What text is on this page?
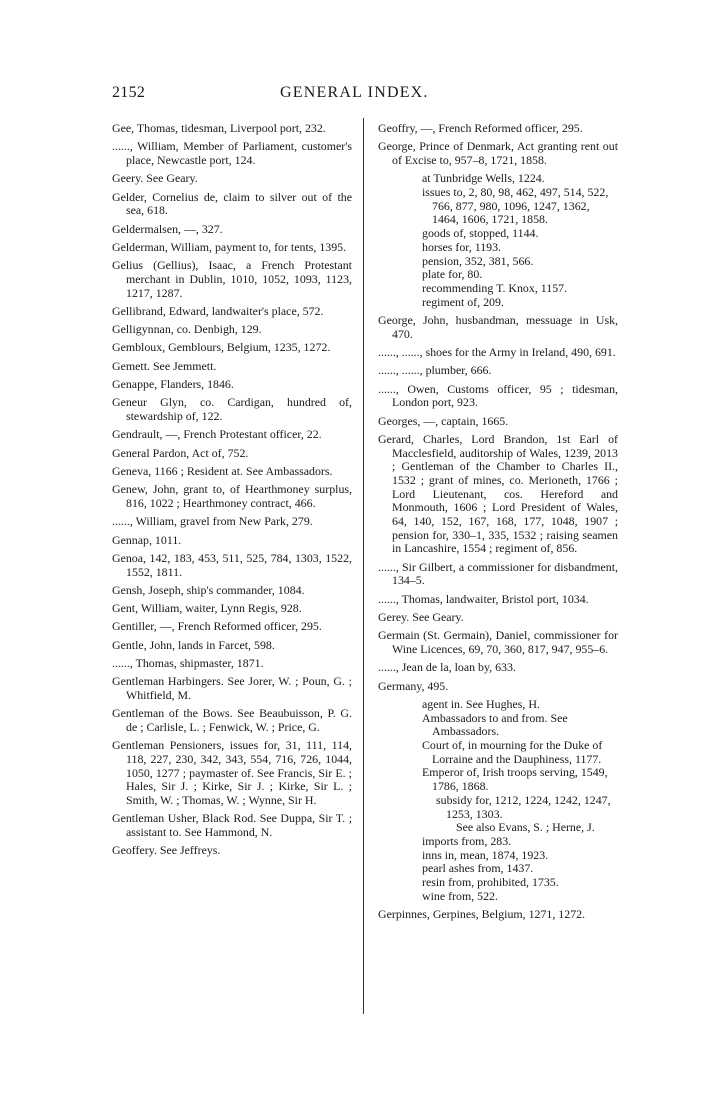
2152	GENERAL INDEX.

Gee, Thomas, tidesman, Liverpool port, 232.

......, William, Member of Parliament, customer's place, Newcastle port, 124.

Geery. See Geary.

Gelder, Cornelius de, claim to silver out of the sea, 618.

Geldermalsen, —, 327.

Gelderman, William, payment to, for tents, 1395.

Gelius (Gellius), Isaac, a French Protestant merchant in Dublin, 1010, 1052, 1093, 1123, 1217, 1287.

Gellibrand, Edward, landwaiter's place, 572.

Gelligynnan, co. Denbigh, 129.

Gembloux, Gemblours, Belgium, 1235, 1272.

Gemett. See Jemmett.

Genappe, Flanders, 1846.

Geneur Glyn, co. Cardigan, hundred of, stewardship of, 122.

Gendrault, —, French Protestant officer, 22.

General Pardon, Act of, 752.

Geneva, 1166 ; Resident at. See Ambassadors.

Genew, John, grant to, of Hearthmoney surplus, 816, 1022 ; Hearthmoney contract, 466.

......, William, gravel from New Park, 279.

Gennap, 1011.

Genoa, 142, 183, 453, 511, 525, 784, 1303, 1522, 1552, 1811.

Gensh, Joseph, ship's commander, 1084.

Gent, William, waiter, Lynn Regis, 928.

Gentiller, —, French Reformed officer, 295.

Gentle, John, lands in Farcet, 598.

......, Thomas, shipmaster, 1871.

Gentleman Harbingers. See Jorer, W. ; Poun, G. ; Whitfield, M.

Gentleman of the Bows. See Beaubuisson, P. G. de ; Carlisle, L. ; Fenwick, W. ; Price, G.

Gentleman Pensioners, issues for, 31, 111, 114, 118, 227, 230, 342, 343, 554, 716, 726, 1044, 1050, 1277 ; paymaster of. See Francis, Sir E. ; Hales, Sir J. ; Kirke, Sir J. ; Kirke, Sir L. ; Smith, W. ; Thomas, W. ; Wynne, Sir H.

Gentleman Usher, Black Rod. See Duppa, Sir T. ; assistant to. See Hammond, N.

Geoffery. See Jeffreys.

Geoffry, —, French Reformed officer, 295.

George, Prince of Denmark, Act granting rent out of Excise to, 957–8, 1721, 1858.

at Tunbridge Wells, 1224.

issues to, 2, 80, 98, 462, 497, 514, 522, 766, 877, 980, 1096, 1247, 1362, 1464, 1606, 1721, 1858.

goods of, stopped, 1144.

horses for, 1193.

pension, 352, 381, 566.

plate for, 80.

recommending T. Knox, 1157.

regiment of, 209.

George, John, husbandman, messuage in Usk, 470.

......, ......, shoes for the Army in Ireland, 490, 691.

......, ......, plumber, 666.

......, Owen, Customs officer, 95 ; tidesman, London port, 923.

Georges, —, captain, 1665.

Gerard, Charles, Lord Brandon, 1st Earl of Macclesfield, auditorship of Wales, 1239, 2013 ; Gentleman of the Chamber to Charles II., 1532 ; grant of mines, co. Merioneth, 1766 ; Lord Lieutenant, cos. Hereford and Monmouth, 1606 ; Lord President of Wales, 64, 140, 152, 167, 168, 177, 1048, 1907 ; pension for, 330–1, 335, 1532 ; raising seamen in Lancashire, 1554 ; regiment of, 856.

......, Sir Gilbert, a commissioner for disbandment, 134–5.

......, Thomas, landwaiter, Bristol port, 1034.

Gerey. See Geary.

Germain (St. Germain), Daniel, commissioner for Wine Licences, 69, 70, 360, 817, 947, 955–6.

......, Jean de la, loan by, 633.

Germany, 495.

agent in. See Hughes, H.

Ambassadors to and from. See Ambassadors.

Court of, in mourning for the Duke of Lorraine and the Dauphiness, 1177.

Emperor of, Irish troops serving, 1549, 1786, 1868.

subsidy for, 1212, 1224, 1242, 1247, 1253, 1303.

See also Evans, S. ; Herne, J.

imports from, 283.

inns in, mean, 1874, 1923.

pearl ashes from, 1437.

resin from, prohibited, 1735.

wine from, 522.

Gerpinnes, Gerpines, Belgium, 1271, 1272.
